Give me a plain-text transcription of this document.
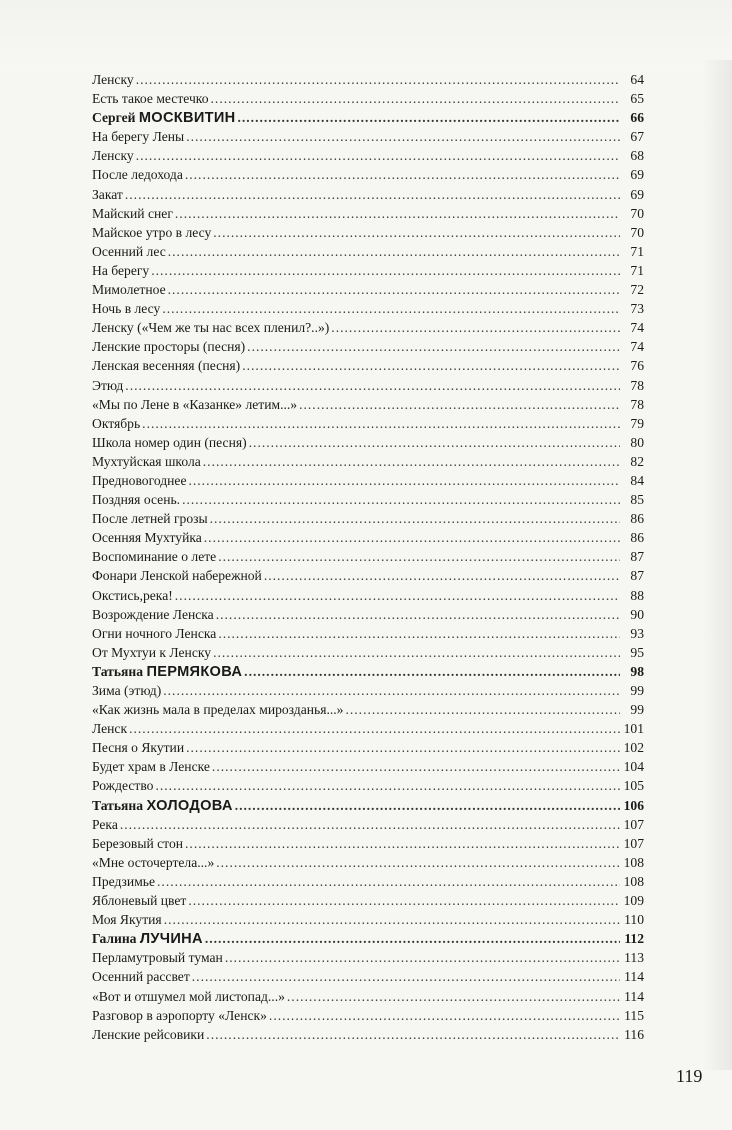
Ленску .....	64
Есть такое местечко .....	65
Сергей МОСКВИТИН .....	66
На берегу Лены .....	67
Ленску .....	68
После ледохода .....	69
Закат .....	69
Майский снег .....	70
Майское утро в лесу .....	70
Осенний лес .....	71
На берегу .....	71
Мимолетное .....	72
Ночь в лесу .....	73
Ленску («Чем же ты нас всех пленил?..») .....	74
Ленские просторы (песня) .....	74
Ленская весенняя (песня) .....	76
Этюд .....	78
«Мы по Лене в «Казанке» летим...» .....	78
Октябрь .....	79
Школа номер один (песня) .....	80
Мухтуйская школа .....	82
Предновогоднее .....	84
Поздняя осень. .....	85
После летней грозы .....	86
Осенняя Мухтуйка .....	86
Воспоминание о лете .....	87
Фонари Ленской набережной .....	87
Окстись,река! .....	88
Возрождение Ленска .....	90
Огни ночного Ленска .....	93
От Мухтуи к Ленску .....	95
Татьяна ПЕРМЯКОВА .....	98
Зима (этюд) .....	99
«Как жизнь мала в пределах мирозданья...» .....	99
Ленск .....	101
Песня о Якутии .....	102
Будет храм в Ленске .....	104
Рождество .....	105
Татьяна ХОЛОДОВА .....	106
Река .....	107
Березовый стон .....	107
«Мне осточертела...» .....	108
Предзимье .....	108
Яблоневый цвет .....	109
Моя Якутия .....	110
Галина ЛУЧИНА .....	112
Перламутровый туман .....	113
Осенний рассвет .....	114
«Вот и отшумел мой листопад...» .....	114
Разговор в аэропорту «Ленск» .....	115
Ленские рейсовики .....	116
119
